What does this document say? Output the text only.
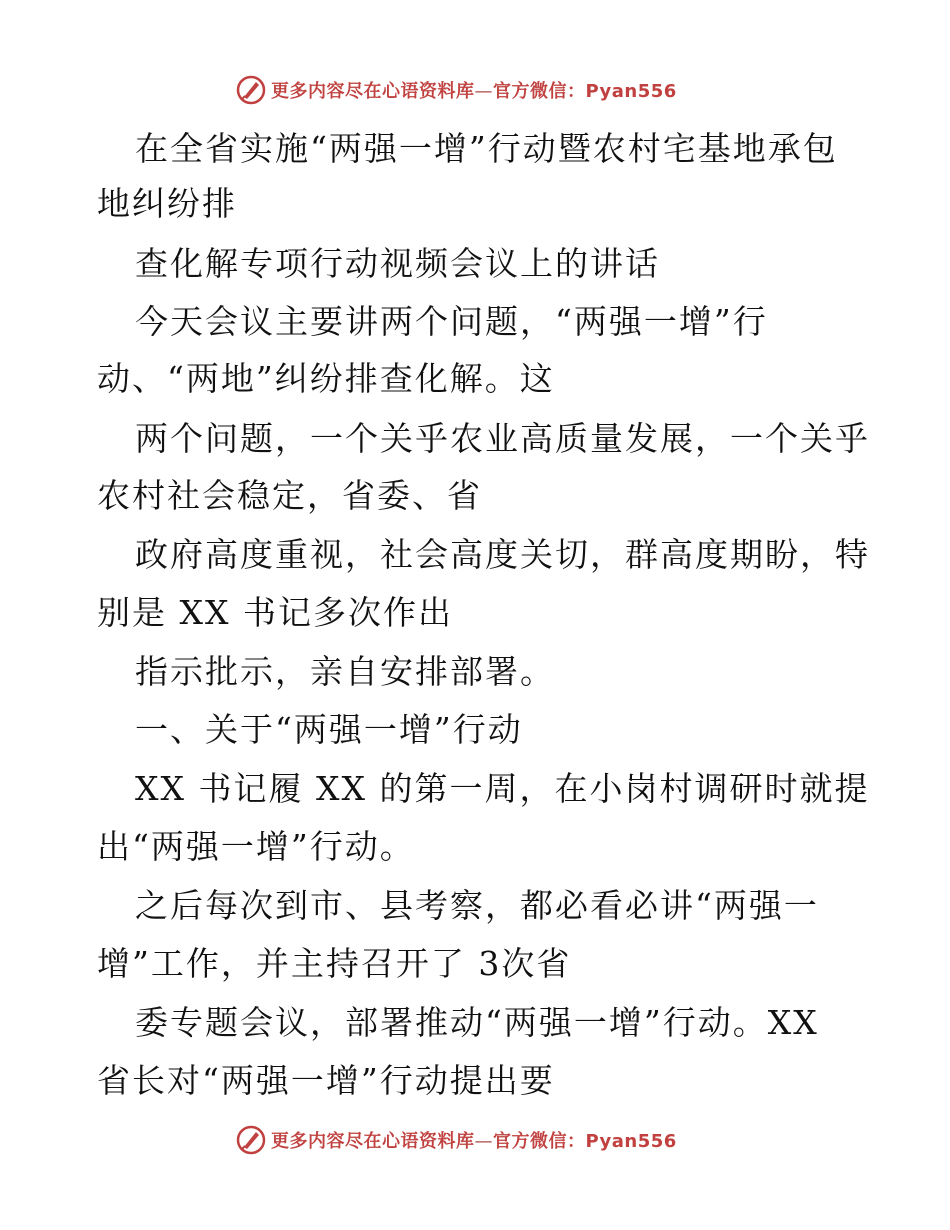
更多内容尽在心语资料库—官方微信：Pyan556
在全省实施“两强一增”行动暨农村宅基地承包
地纠纷排
查化解专项行动视频会议上的讲话
今天会议主要讲两个问题，“两强一增”行
动、“两地”纠纷排查化解。这
两个问题，一个关乎农业高质量发展，一个关乎
农村社会稳定，省委、省
政府高度重视，社会高度关切，群高度期盼，特
别是 XX 书记多次作出
指示批示，亲自安排部署。
一、关于“两强一增”行动
XX 书记履 XX 的第一周，在小岗村调研时就提
出“两强一增”行动。
之后每次到市、县考察，都必看必讲“两强一
增”工作，并主持召开了 3次省
委专题会议，部署推动“两强一增”行动。XX
省长对“两强一增”行动提出要
更多内容尽在心语资料库—官方微信：Pyan556
